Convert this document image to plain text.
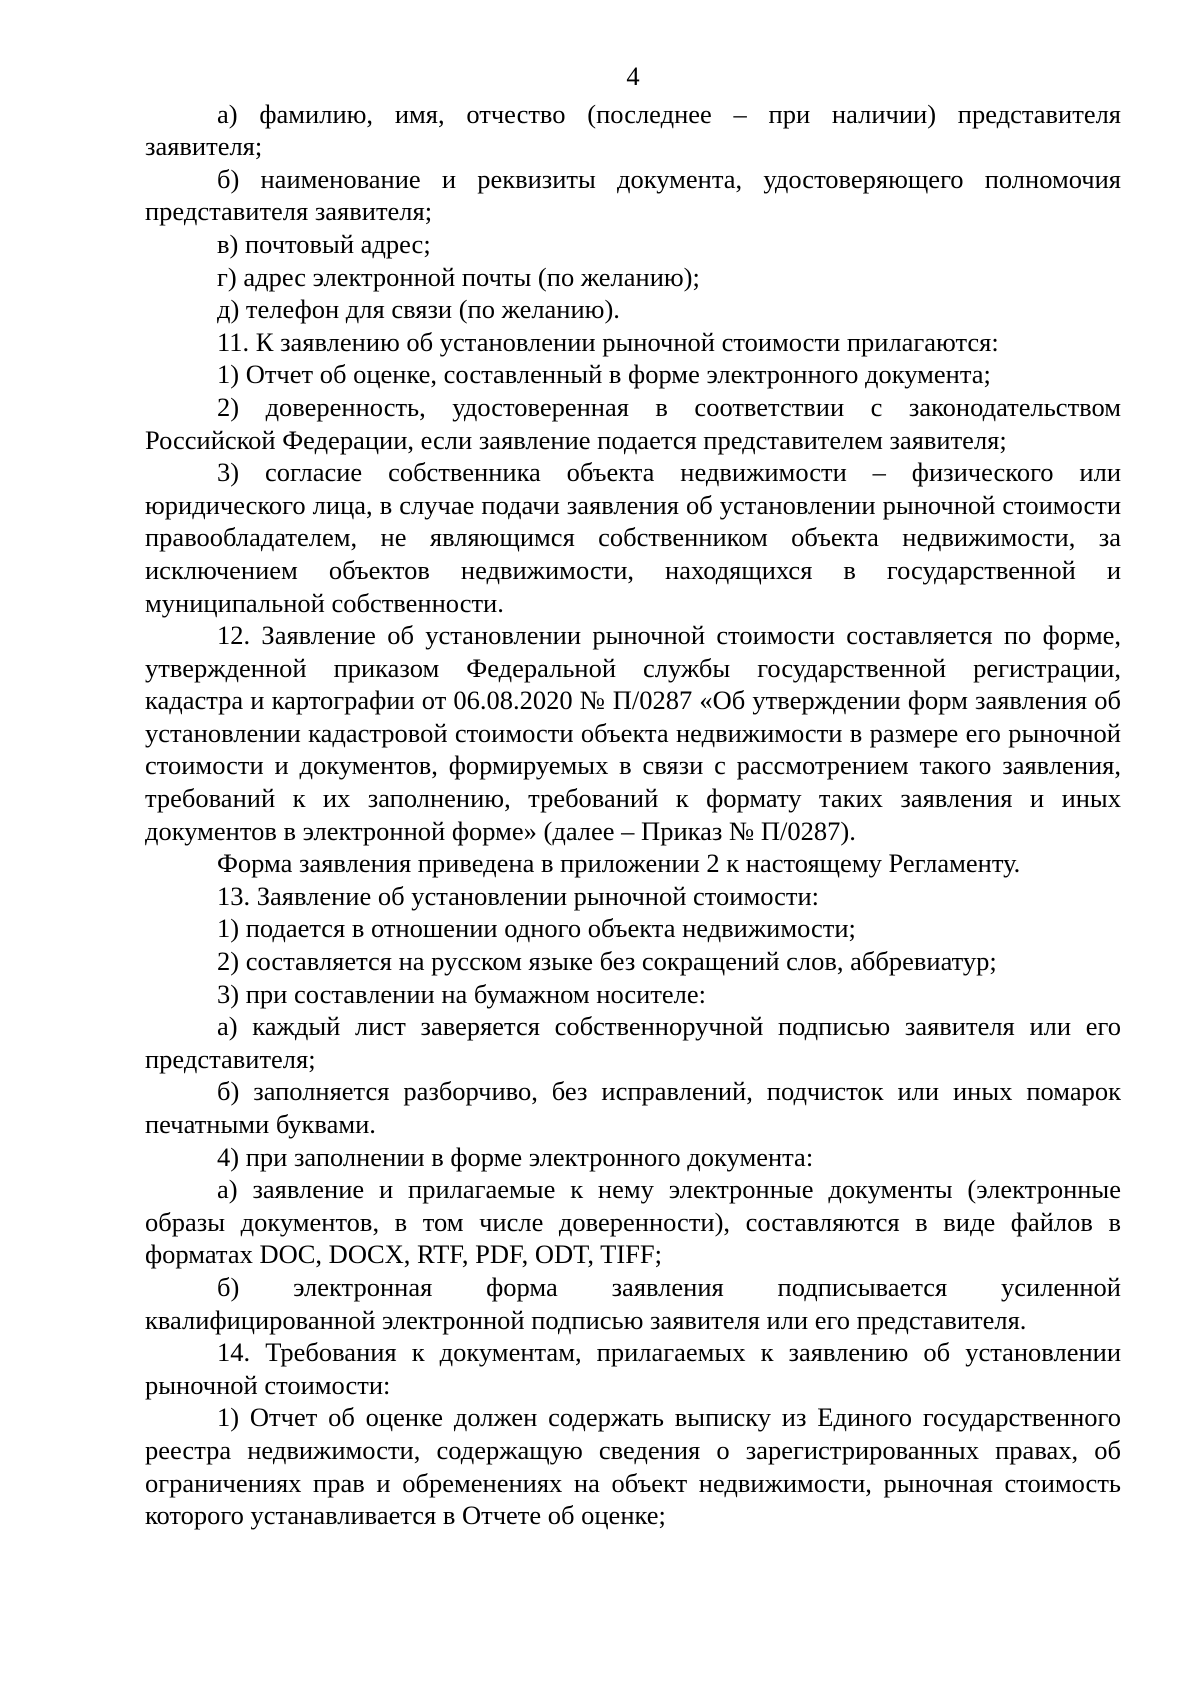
4

а) фамилию, имя, отчество (последнее – при наличии) представителя заявителя;

б) наименование и реквизиты документа, удостоверяющего полномочия представителя заявителя;

в) почтовый адрес;

г) адрес электронной почты (по желанию);

д) телефон для связи (по желанию).

11. К заявлению об установлении рыночной стоимости прилагаются:

1) Отчет об оценке, составленный в форме электронного документа;

2) доверенность, удостоверенная в соответствии с законодательством Российской Федерации, если заявление подается представителем заявителя;

3) согласие собственника объекта недвижимости – физического или юридического лица, в случае подачи заявления об установлении рыночной стоимости правообладателем, не являющимся собственником объекта недвижимости, за исключением объектов недвижимости, находящихся в государственной и муниципальной собственности.

12. Заявление об установлении рыночной стоимости составляется по форме, утвержденной приказом Федеральной службы государственной регистрации, кадастра и картографии от 06.08.2020 № П/0287 «Об утверждении форм заявления об установлении кадастровой стоимости объекта недвижимости в размере его рыночной стоимости и документов, формируемых в связи с рассмотрением такого заявления, требований к их заполнению, требований к формату таких заявления и иных документов в электронной форме» (далее – Приказ № П/0287).

Форма заявления приведена в приложении 2 к настоящему Регламенту.

13. Заявление об установлении рыночной стоимости:

1) подается в отношении одного объекта недвижимости;

2) составляется на русском языке без сокращений слов, аббревиатур;

3) при составлении на бумажном носителе:

а) каждый лист заверяется собственноручной подписью заявителя или его представителя;

б) заполняется разборчиво, без исправлений, подчисток или иных помарок печатными буквами.

4) при заполнении в форме электронного документа:

а) заявление и прилагаемые к нему электронные документы (электронные образы документов, в том числе доверенности), составляются в виде файлов в форматах DOC, DOCX, RTF, PDF, ODT, TIFF;

б) электронная форма заявления подписывается усиленной квалифицированной электронной подписью заявителя или его представителя.

14. Требования к документам, прилагаемых к заявлению об установлении рыночной стоимости:

1) Отчет об оценке должен содержать выписку из Единого государственного реестра недвижимости, содержащую сведения о зарегистрированных правах, об ограничениях прав и обременениях на объект недвижимости, рыночная стоимость которого устанавливается в Отчете об оценке;
